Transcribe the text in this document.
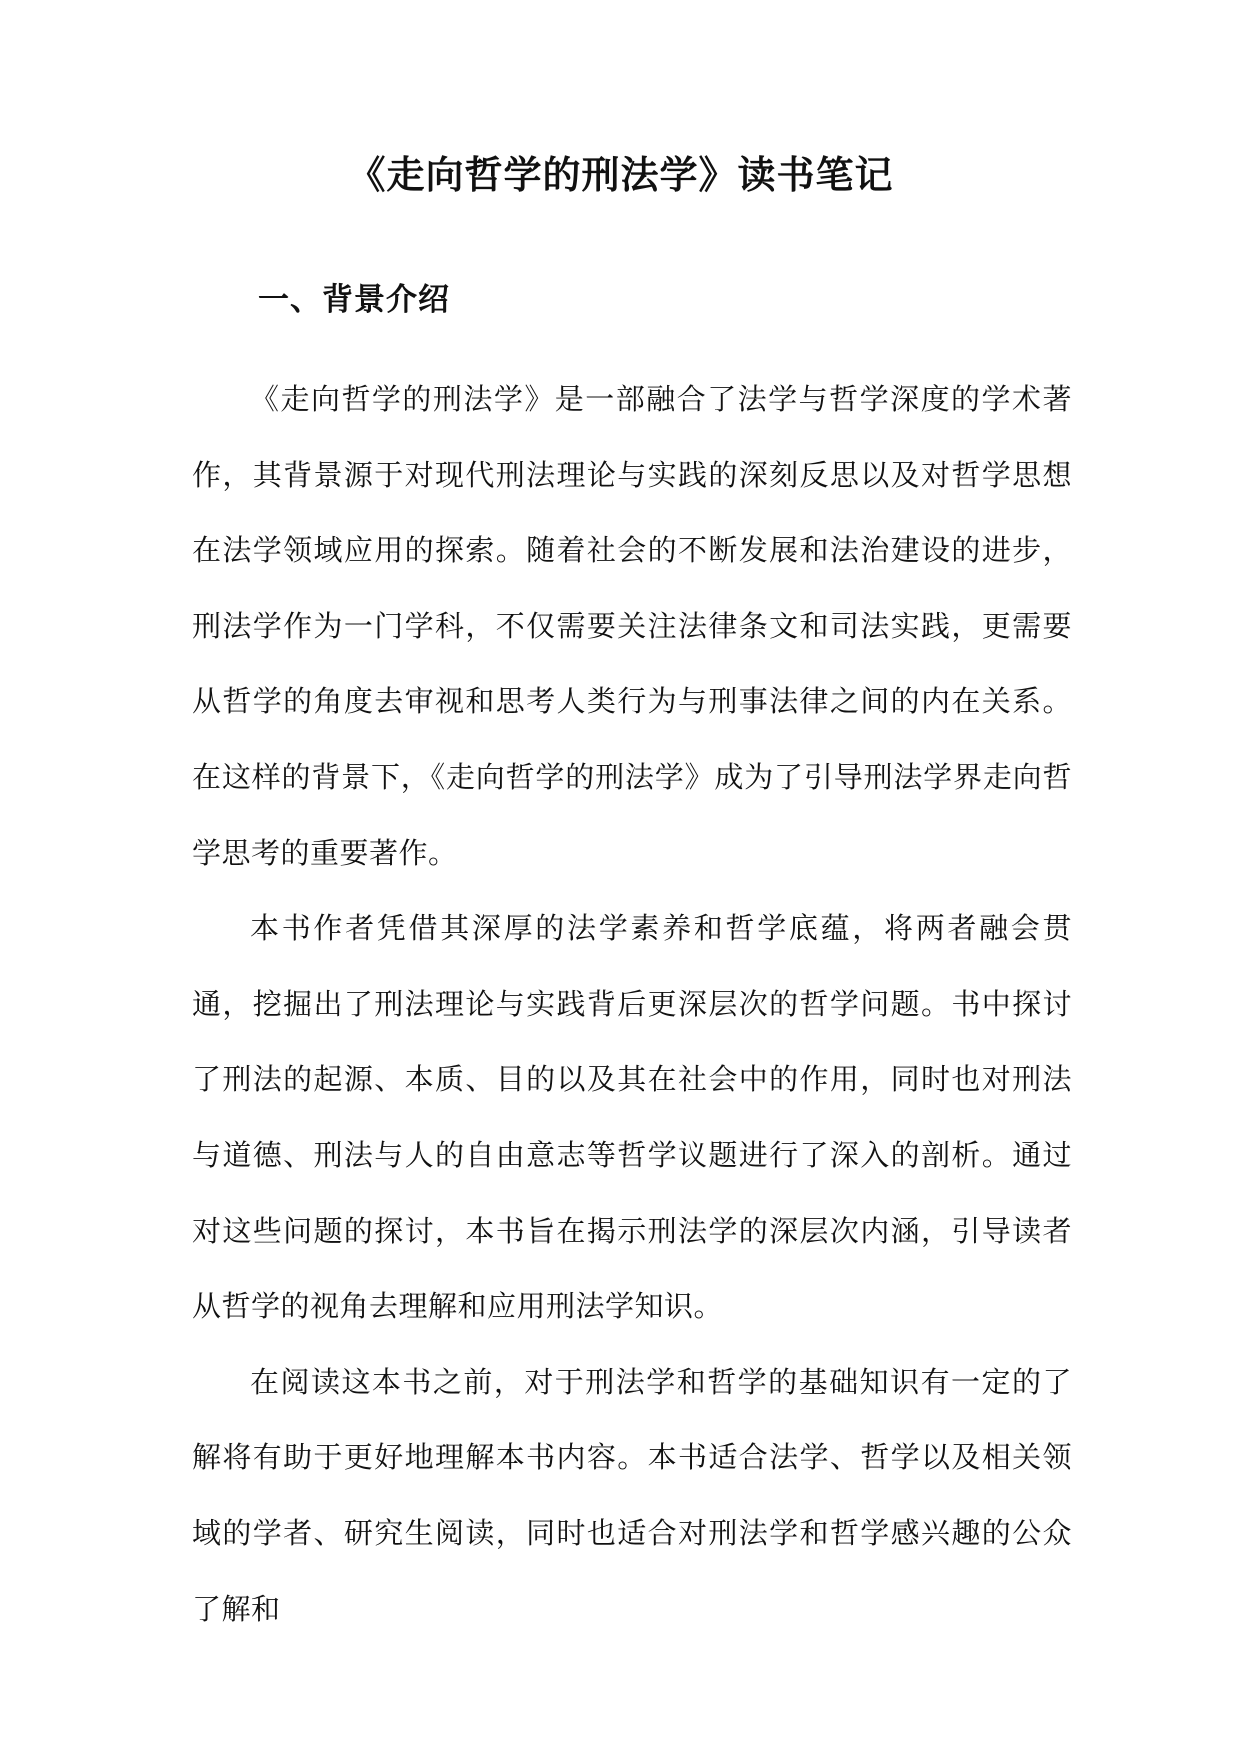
《走向哲学的刑法学》读书笔记
一、背景介绍

《走向哲学的刑法学》是一部融合了法学与哲学深度的学术著作，其背景源于对现代刑法理论与实践的深刻反思以及对哲学思想在法学领域应用的探索。随着社会的不断发展和法治建设的进步，刑法学作为一门学科，不仅需要关注法律条文和司法实践，更需要从哲学的角度去审视和思考人类行为与刑事法律之间的内在关系。在这样的背景下，《走向哲学的刑法学》成为了引导刑法学界走向哲学思考的重要著作。

本书作者凭借其深厚的法学素养和哲学底蕴，将两者融会贯通，挖掘出了刑法理论与实践背后更深层次的哲学问题。书中探讨了刑法的起源、本质、目的以及其在社会中的作用，同时也对刑法与道德、刑法与人的自由意志等哲学议题进行了深入的剖析。通过对这些问题的探讨，本书旨在揭示刑法学的深层次内涵，引导读者从哲学的视角去理解和应用刑法学知识。

在阅读这本书之前，对于刑法学和哲学的基础知识有一定的了解将有助于更好地理解本书内容。本书适合法学、哲学以及相关领域的学者、研究生阅读，同时也适合对刑法学和哲学感兴趣的公众了解和
